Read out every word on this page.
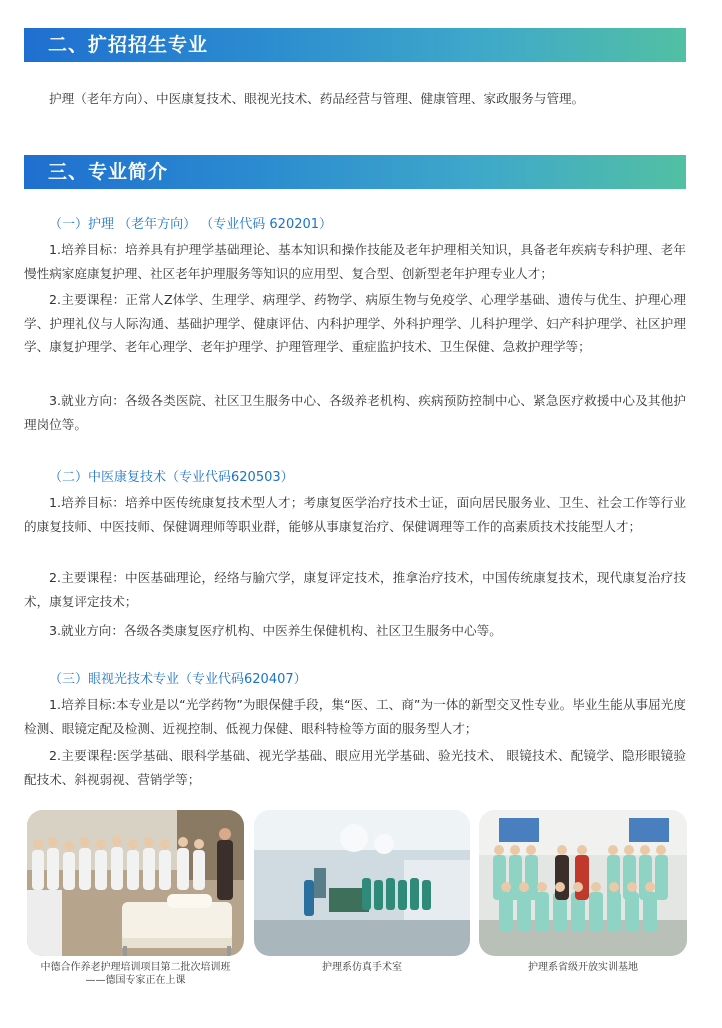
二、扩招招生专业

护理（老年方向）、中医康复技术、眼视光技术、药品经营与管理、健康管理、家政服务与管理。

三、专业简介
（一）护理 （老年方向） （专业代码 620201）

1.培养目标：培养具有护理学基础理论、基本知识和操作技能及老年护理相关知识，具备老年疾病专科护理、老年慢性病家庭康复护理、社区老年护理服务等知识的应用型、复合型、创新型老年护理专业人才；

2.主要课程：正常人Z体学、生理学、病理学、药物学、病原生物与免疫学、心理学基础、遗传与优生、护理心理学、护理礼仪与人际沟通、基础护理学、健康评估、内科护理学、外科护理学、儿科护理学、妇产科护理学、社区护理学、康复护理学、老年心理学、老年护理学、护理管理学、重症监护技术、卫生保健、急救护理学等；

3.就业方向：各级各类医院、社区卫生服务中心、各级养老机构、疾病预防控制中心、紧急医疗救援中心及其他护理岗位等。

（二）中医康复技术（专业代码620503）

1.培养目标：培养中医传统康复技术型人才；考康复医学治疗技术士证，面向居民服务业、卫生、社会工作等行业的康复技师、中医技师、保健调理师等职业群，能够从事康复治疗、保健调理等工作的高素质技术技能型人才；

2.主要课程：中医基础理论，经络与腧穴学，康复评定技术，推拿治疗技术，中国传统康复技术，现代康复治疗技术，康复评定技术；

3.就业方向：各级各类康复医疗机构、中医养生保健机构、社区卫生服务中心等。

（三）眼视光技术专业（专业代码620407）

1.培养目标:本专业是以“光学药物”为眼保健手段，集“医、工、商”为一体的新型交叉性专业。毕业生能从事屈光度检测、眼镜定配及检测、近视控制、低视力保健、眼科特检等方面的服务型人才；

2.主要课程:医学基础、眼科学基础、视光学基础、眼应用光学基础、验光技术、 眼镜技术、配镜学、隐形眼镜验配技术、斜视弱视、营销学等；

中德合作养老护理培训项目第二批次培训班
——德国专家正在上课
护理系仿真手术室	护理系省级开放实训基地
